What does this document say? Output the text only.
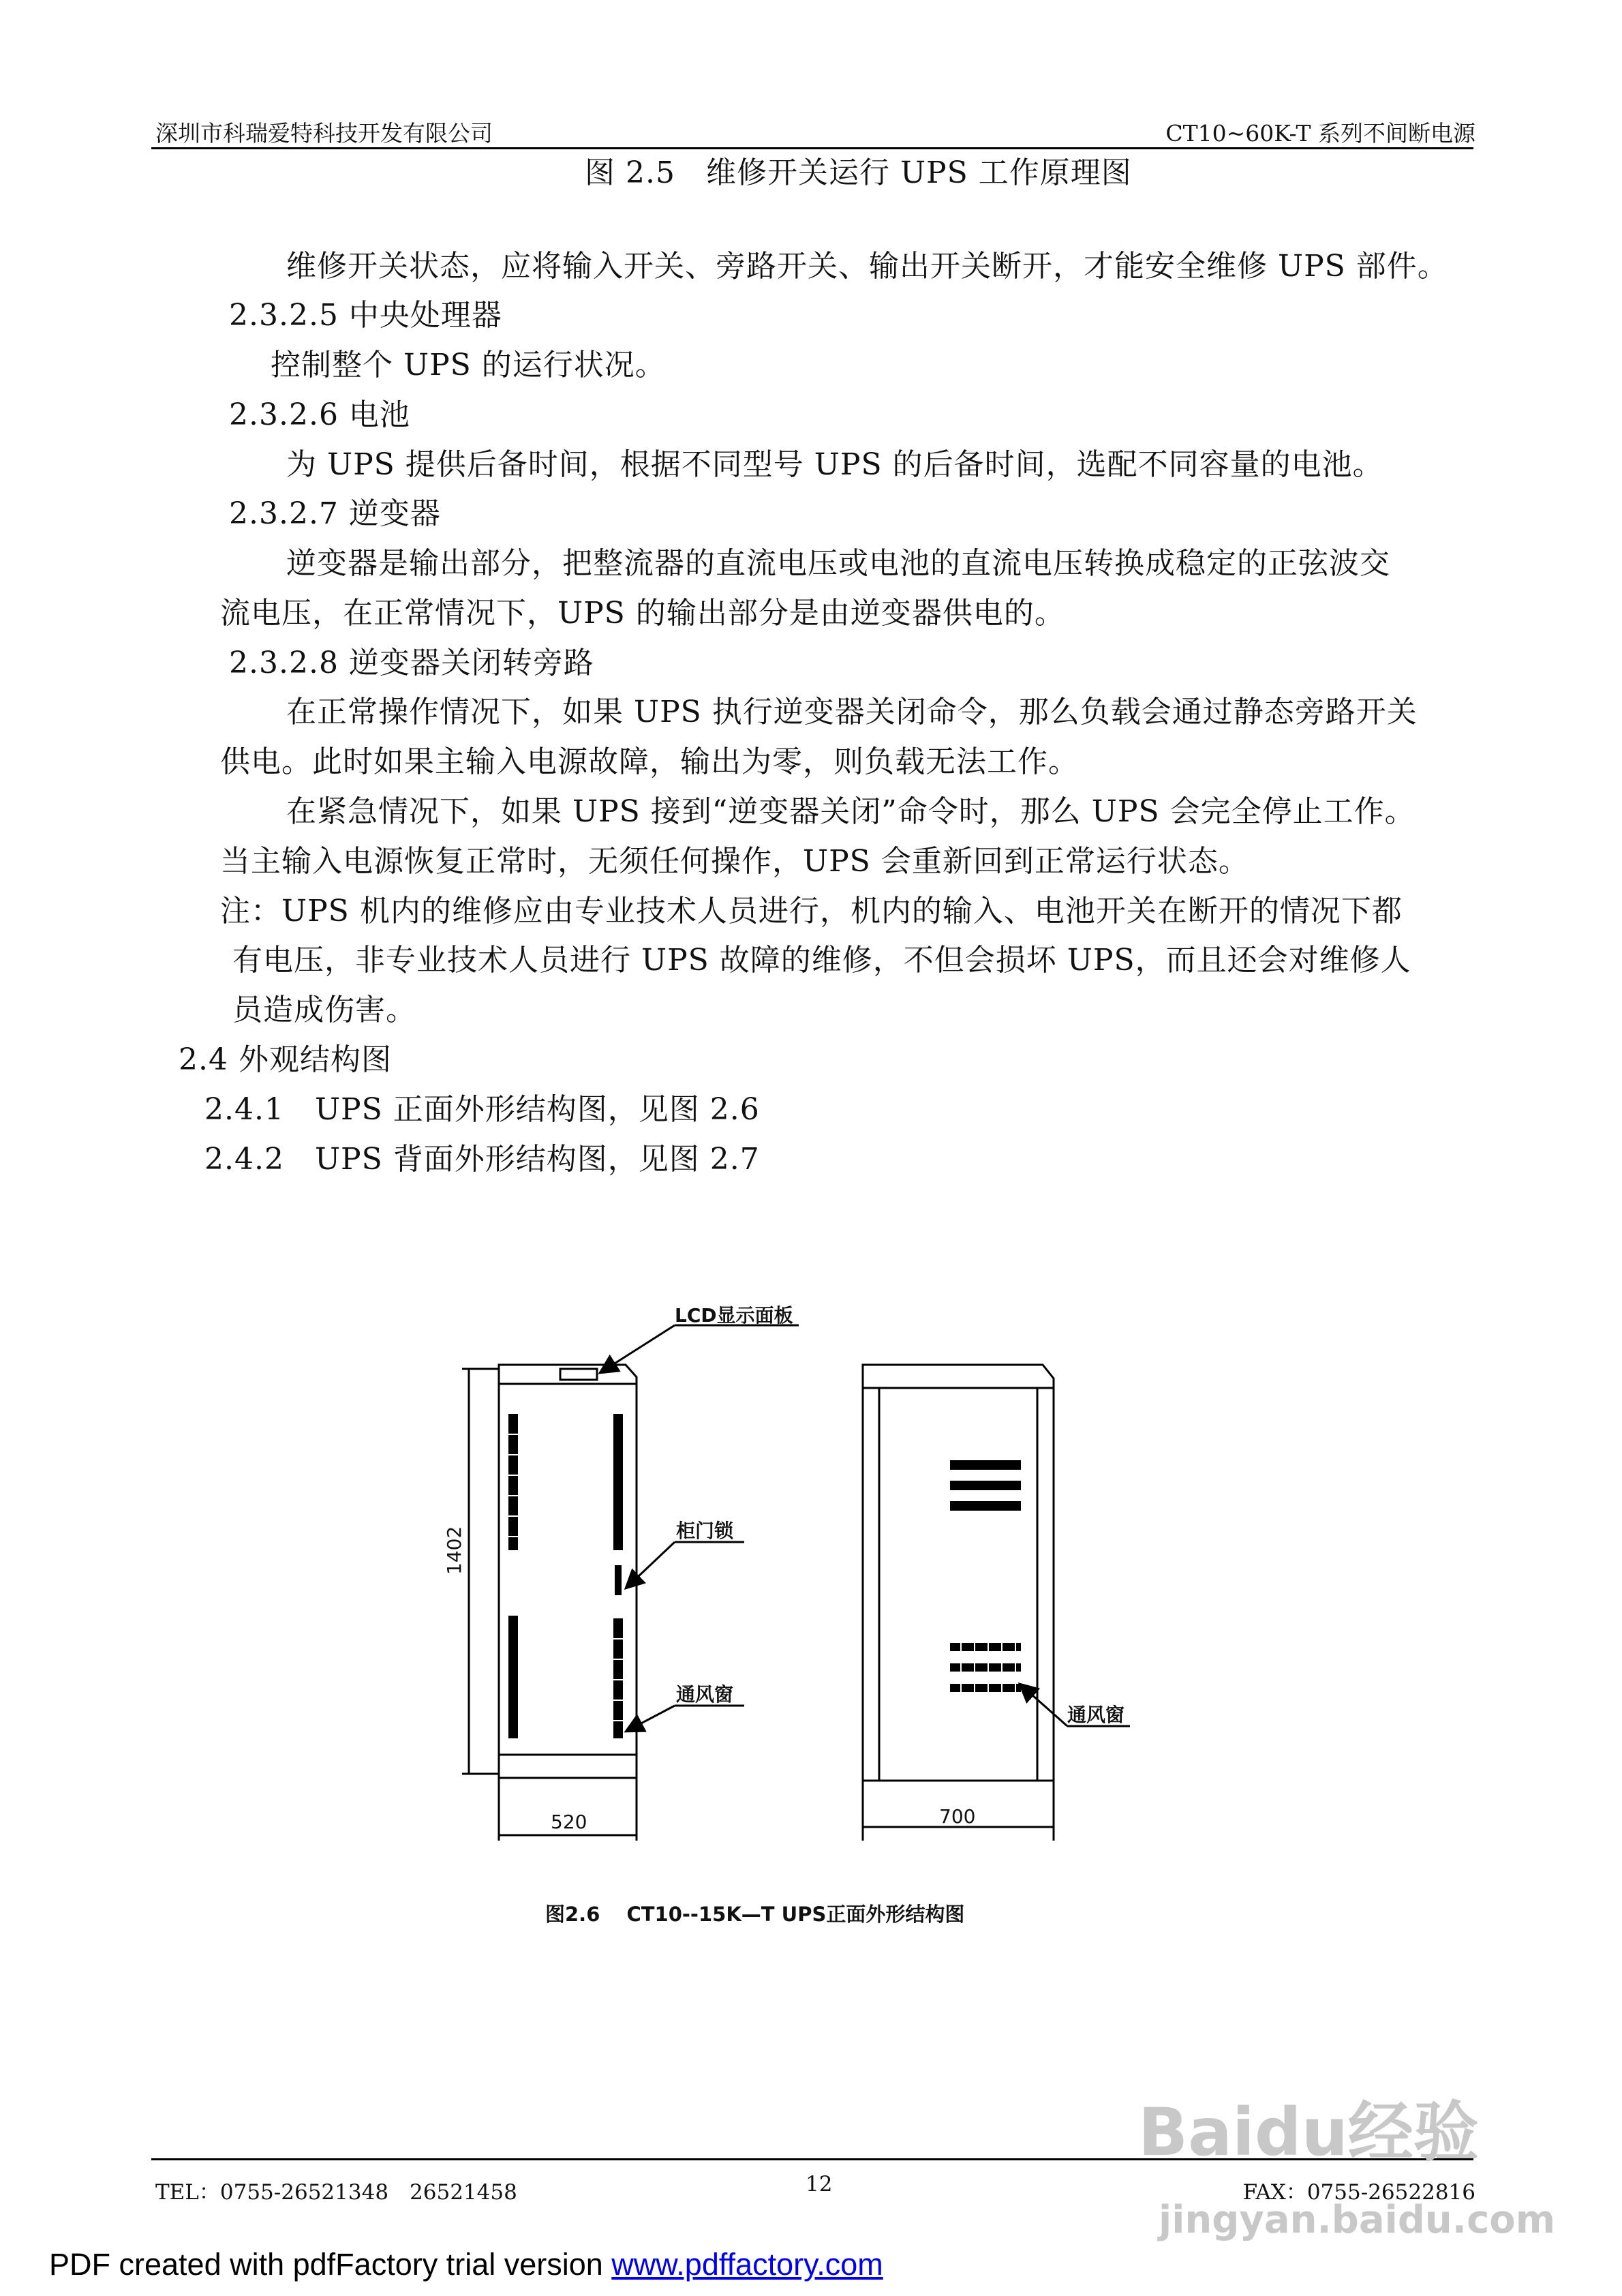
深圳市科瑞爱特科技开发有限公司	CT10~60K-T 系列不间断电源
图 2.5　维修开关运行 UPS 工作原理图
维修开关状态，应将输入开关、旁路开关、输出开关断开，才能安全维修 UPS 部件。
2.3.2.5 中央处理器
控制整个 UPS 的运行状况。
2.3.2.6 电池
为 UPS 提供后备时间，根据不同型号 UPS 的后备时间，选配不同容量的电池。
2.3.2.7 逆变器
逆变器是输出部分，把整流器的直流电压或电池的直流电压转换成稳定的正弦波交
流电压，在正常情况下，UPS 的输出部分是由逆变器供电的。
2.3.2.8 逆变器关闭转旁路
在正常操作情况下，如果 UPS 执行逆变器关闭命令，那么负载会通过静态旁路开关
供电。此时如果主输入电源故障，输出为零，则负载无法工作。
在紧急情况下，如果 UPS 接到“逆变器关闭”命令时，那么 UPS 会完全停止工作。
当主输入电源恢复正常时，无须任何操作，UPS 会重新回到正常运行状态。
注：UPS 机内的维修应由专业技术人员进行，机内的输入、电池开关在断开的情况下都
有电压，非专业技术人员进行 UPS 故障的维修，不但会损坏 UPS，而且还会对维修人
员造成伤害。
2.4 外观结构图
2.4.1　UPS 正面外形结构图，见图 2.6
2.4.2　UPS 背面外形结构图，见图 2.7
LCD显示面板
柜门锁
通风窗
通风窗
1402
520	700
图2.6　 CT10--15K—T UPS正面外形结构图
TEL：0755-26521348　26521458	12	FAX：0755-26522816
Baidu经验
jingyan.baidu.com
PDF created with pdfFactory trial version www.pdffactory.com
